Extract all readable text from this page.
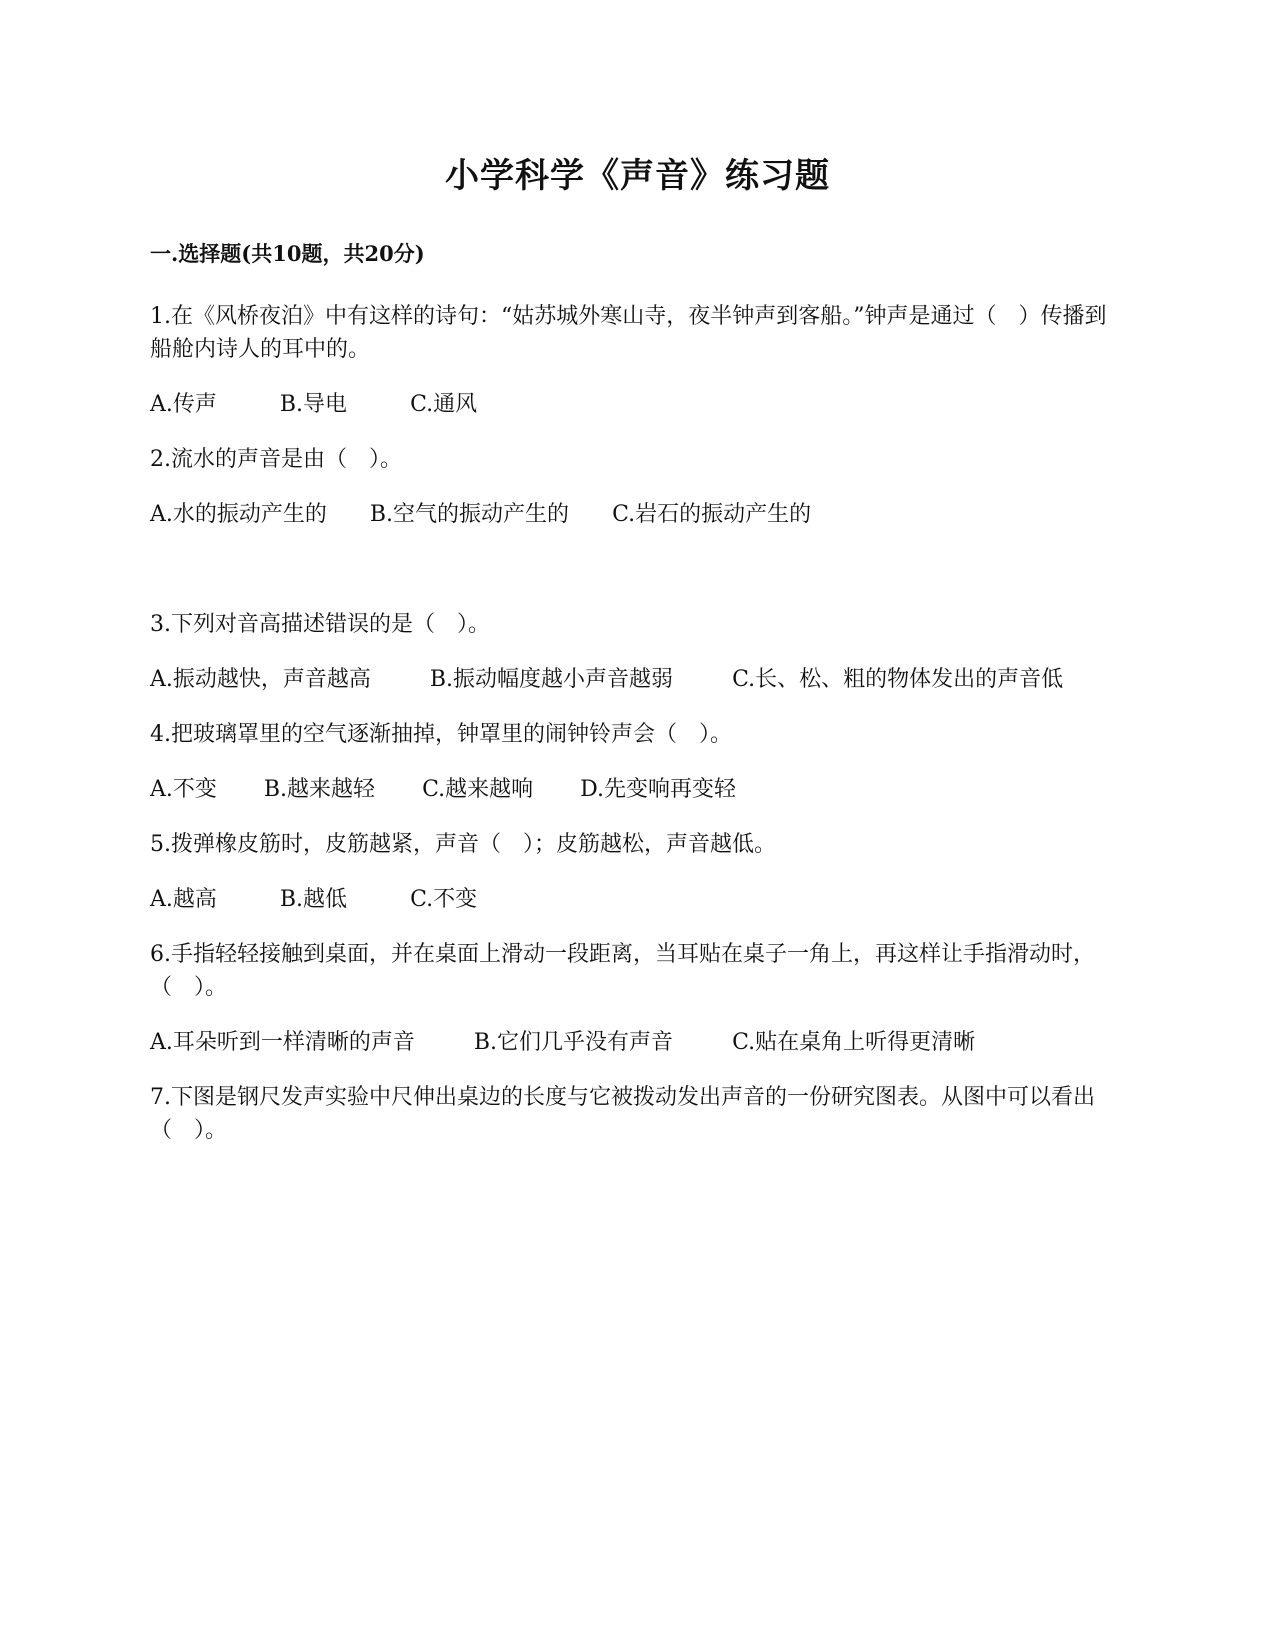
小学科学《声音》练习题

一.选择题(共10题，共20分)

1.在《风桥夜泊》中有这样的诗句：“姑苏城外寒山寺，夜半钟声到客船。”钟声是通过（　）传播到船舱内诗人的耳中的。

A.传声	B.导电	C.通风

2.流水的声音是由（　）。

A.水的振动产生的 B.空气的振动产生的 C.岩石的振动产生的

3.下列对音高描述错误的是（　）。

A.振动越快，声音越高	B.振动幅度越小声音越弱	C.长、松、粗的物体发出的声音低

4.把玻璃罩里的空气逐渐抽掉，钟罩里的闹钟铃声会（　）。

A.不变 B.越来越轻 C.越来越响 D.先变响再变轻

5.拨弹橡皮筋时，皮筋越紧，声音（　）；皮筋越松，声音越低。

A.越高	B.越低	C.不变

6.手指轻轻接触到桌面，并在桌面上滑动一段距离，当耳贴在桌子一角上，再这样让手指滑动时，（　）。

A.耳朵听到一样清晰的声音	B.它们几乎没有声音	C.贴在桌角上听得更清晰

7.下图是钢尺发声实验中尺伸出桌边的长度与它被拨动发出声音的一份研究图表。从图中可以看出（　）。
